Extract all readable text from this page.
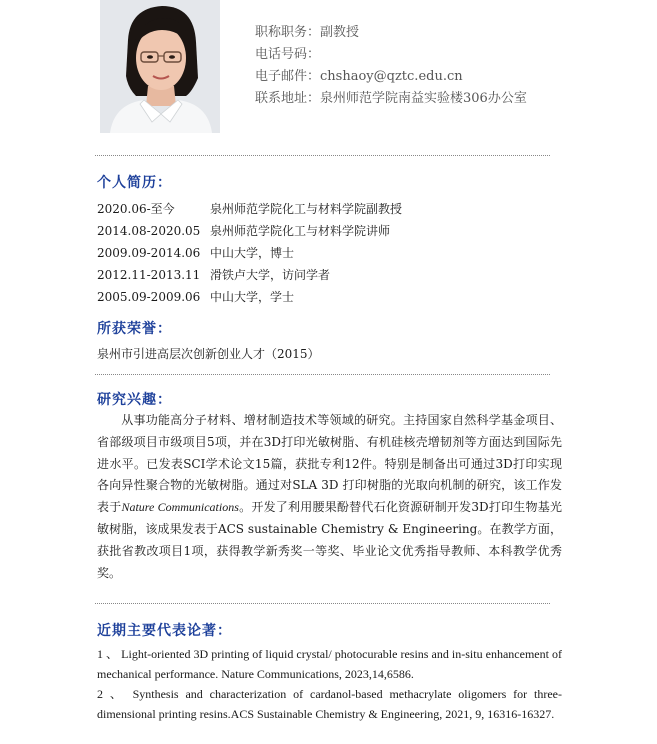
职称职务：副教授
电话号码：
电子邮件：chshaoy@qztc.edu.cn
联系地址：泉州师范学院南益实验楼306办公室
个人简历：
2020.06-至今	泉州师范学院化工与材料学院副教授
2014.08-2020.05 泉州师范学院化工与材料学院讲师
2009.09-2014.06 中山大学，博士
2012.11-2013.11 滑铁卢大学，访问学者
2005.09-2009.06 中山大学，学士
所获荣誉：
泉州市引进高层次创新创业人才（2015）
研究兴趣：
从事功能高分子材料、增材制造技术等领域的研究。主持国家自然科学基金项目、省部级项目市级项目5项，并在3D打印光敏树脂、有机硅核壳增韧剂等方面达到国际先进水平。已发表SCI学术论文15篇，获批专利12件。特别是制备出可通过3D打印实现各向异性聚合物的光敏树脂。通过对SLA 3D 打印树脂的光取向机制的研究，该工作发表于Nature Communications。开发了利用腰果酚替代石化资源研制开发3D打印生物基光敏树脂，该成果发表于ACS sustainable Chemistry & Engineering。在教学方面，获批省教改项目1项，获得教学新秀奖一等奖、毕业论文优秀指导教师、本科教学优秀奖。
近期主要代表论著：

1 、 Light-oriented 3D printing of liquid crystal/ photocurable resins and in-situ enhancement of mechanical performance. Nature Communications, 2023,14,6586.

2 、 Synthesis and characterization of cardanol-based methacrylate oligomers for three-dimensional printing resins.ACS Sustainable Chemistry & Engineering, 2021, 9, 16316-16327.
